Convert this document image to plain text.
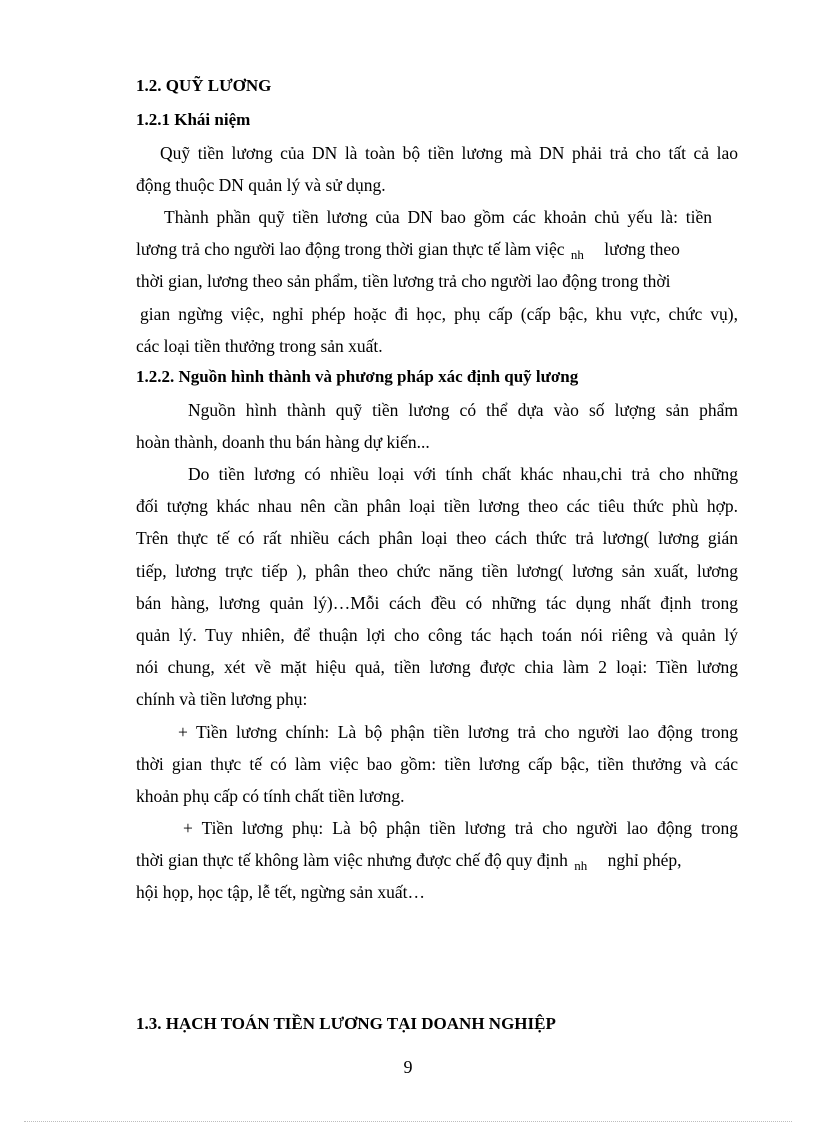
1.2. QUỸ LƯƠNG
1.2.1 Khái niệm
Quỹ tiền lương của DN là toàn bộ tiền lương mà DN phải trả cho tất cả lao
động thuộc DN quản lý và sử dụng.
Thành phần quỹ tiền lương của DN bao gồm các khoản chủ yếu là: tiền
lương trả cho người lao động trong thời gian thực tế làm việc $_{nh}$ lương theo
thời gian, lương theo sản phẩm, tiền lương trả cho người lao động trong thời
gian ngừng việc, nghỉ phép hoặc đi học, phụ cấp (cấp bậc, khu vực, chức vụ),
các loại tiền thưởng trong sản xuất.
1.2.2. Nguồn hình thành và phương pháp xác định quỹ lương
Nguồn hình thành quỹ tiền lương có thể dựa vào số lượng sản phẩm
hoàn thành, doanh thu bán hàng dự kiến...
Do tiền lương có nhiều loại với tính chất khác nhau,chi trả cho những
đối tượng khác nhau nên cần phân loại tiền lương theo các tiêu thức phù hợp.
Trên thực tế có rất nhiều cách phân loại theo cách thức trả lương( lương gián
tiếp, lương trực tiếp ), phân theo chức năng tiền lương( lương sản xuất, lương
bán hàng, lương quản lý)…Mỗi cách đều có những tác dụng nhất định trong
quản lý. Tuy nhiên, để thuận lợi cho công tác hạch toán nói riêng và quản lý
nói chung, xét về mặt hiệu quả, tiền lương được chia làm 2 loại: Tiền lương
chính và tiền lương phụ:
+ Tiền lương chính: Là bộ phận tiền lương trả cho người lao động trong
thời gian thực tế có làm việc bao gồm: tiền lương cấp bậc, tiền thưởng và các
khoản phụ cấp có tính chất tiền lương.
+ Tiền lương phụ: Là bộ phận tiền lương trả cho người lao động trong
thời gian thực tế không làm việc nhưng được chế độ quy định $_{nh}$ nghỉ phép,
hội họp, học tập, lễ tết, ngừng sản xuất…
1.3. HẠCH TOÁN TIỀN LƯƠNG TẠI DOANH NGHIỆP
9
